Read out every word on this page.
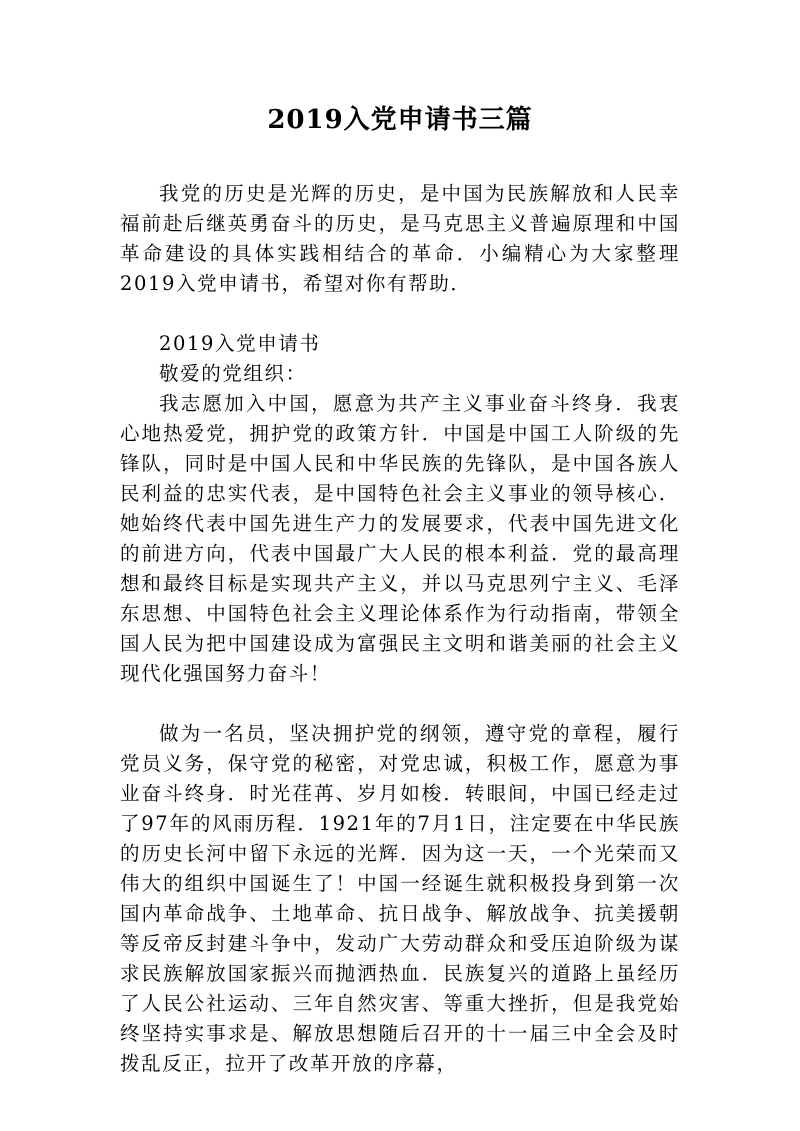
2019入党申请书三篇

我党的历史是光辉的历史，是中国为民族解放和人民幸福前赴后继英勇奋斗的历史，是马克思主义普遍原理和中国革命建设的具体实践相结合的革命．小编精心为大家整理2019入党申请书，希望对你有帮助．

2019入党申请书

敬爱的党组织：

我志愿加入中国，愿意为共产主义事业奋斗终身．我衷心地热爱党，拥护党的政策方针．中国是中国工人阶级的先锋队，同时是中国人民和中华民族的先锋队，是中国各族人民利益的忠实代表，是中国特色社会主义事业的领导核心．她始终代表中国先进生产力的发展要求，代表中国先进文化的前进方向，代表中国最广大人民的根本利益．党的最高理想和最终目标是实现共产主义，并以马克思列宁主义、毛泽东思想、中国特色社会主义理论体系作为行动指南，带领全国人民为把中国建设成为富强民主文明和谐美丽的社会主义现代化强国努力奋斗！

做为一名员，坚决拥护党的纲领，遵守党的章程，履行党员义务，保守党的秘密，对党忠诚，积极工作，愿意为事业奋斗终身．时光荏苒、岁月如梭．转眼间，中国已经走过了97年的风雨历程．1921年的7月1日，注定要在中华民族的历史长河中留下永远的光辉．因为这一天，一个光荣而又伟大的组织中国诞生了！中国一经诞生就积极投身到第一次国内革命战争、土地革命、抗日战争、解放战争、抗美援朝等反帝反封建斗争中，发动广大劳动群众和受压迫阶级为谋求民族解放国家振兴而抛洒热血．民族复兴的道路上虽经历了人民公社运动、三年自然灾害、等重大挫折，但是我党始终坚持实事求是、解放思想随后召开的十一届三中全会及时拨乱反正，拉开了改革开放的序幕，
